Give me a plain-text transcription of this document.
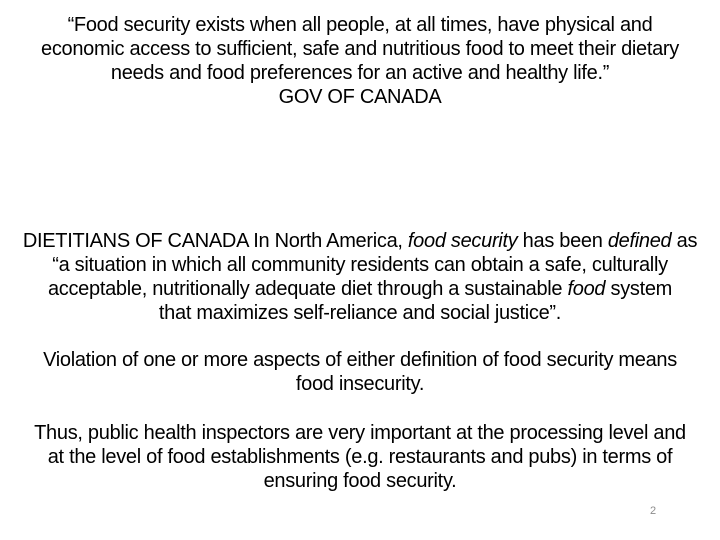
“Food security exists when all people, at all times, have physical and
economic access to sufficient, safe and nutritious food to meet their dietary
needs and food preferences for an active and healthy life.”
GOV OF CANADA
DIETITIANS OF CANADA In North America, food security has been defined as
“a situation in which all community residents can obtain a safe, culturally
acceptable, nutritionally adequate diet through a sustainable food system
that maximizes self-reliance and social justice”.
Violation of one or more aspects of either definition of food security means
food insecurity.
Thus, public health inspectors are very important at the processing level and
at the level of food establishments (e.g. restaurants and pubs) in terms of
ensuring food security.
2
